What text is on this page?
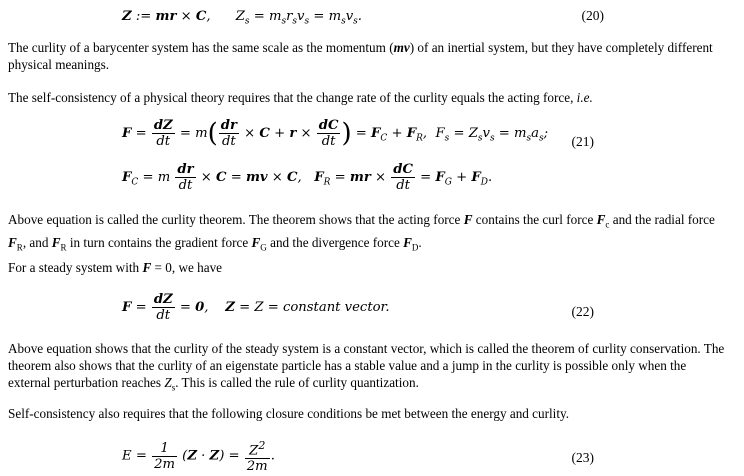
Z := mr × C,      $Z_s = m_sr_sv_s = m_sv_s$.	(20)
The curlity of a barycenter system has the same scale as the momentum (mv) of an inertial system, but they have completely different physical meanings.
The self-consistency of a physical theory requires that the change rate of the curlity equals the acting force, i.e.
$F = \frac{dZ}{dt} = m( \frac{dr}{dt} \times C + r \times \frac{dC}{dt}$ ) = $F_C + F_R$,  $F_s = Z_sv_s = m_sa_s$;
(21)
$F_C = m \frac{dr}{dt} \times C$ = mv × C,   $F_R$ = mr × $\frac{dC}{dt} = F_G + F_D$.
Above equation is called the curlity theorem. The theorem shows that the acting force F contains the curl force $F_c$ and the radial force $F_R$, and $F_R$ in turn contains the gradient force $F_G$ and the divergence force $F_D$.
For a steady system with F = 0, we have
$F = \frac{dZ}{dt} = 0$,    Z = Z = constant vector.	(22)
Above equation shows that the curlity of the steady system is a constant vector, which is called the theorem of curlity conservation. The theorem also shows that the curlity of an eigenstate particle has a stable value and a jump in the curlity is possible only when the external perturbation reaches $Z_s$. This is called the rule of curlity quantization.
Self-consistency also requires that the following closure conditions be met between the energy and curlity.
$E = \frac{1}{2m} (Z \cdot Z) = \frac{Z^2}{2m}$ .	(23)
